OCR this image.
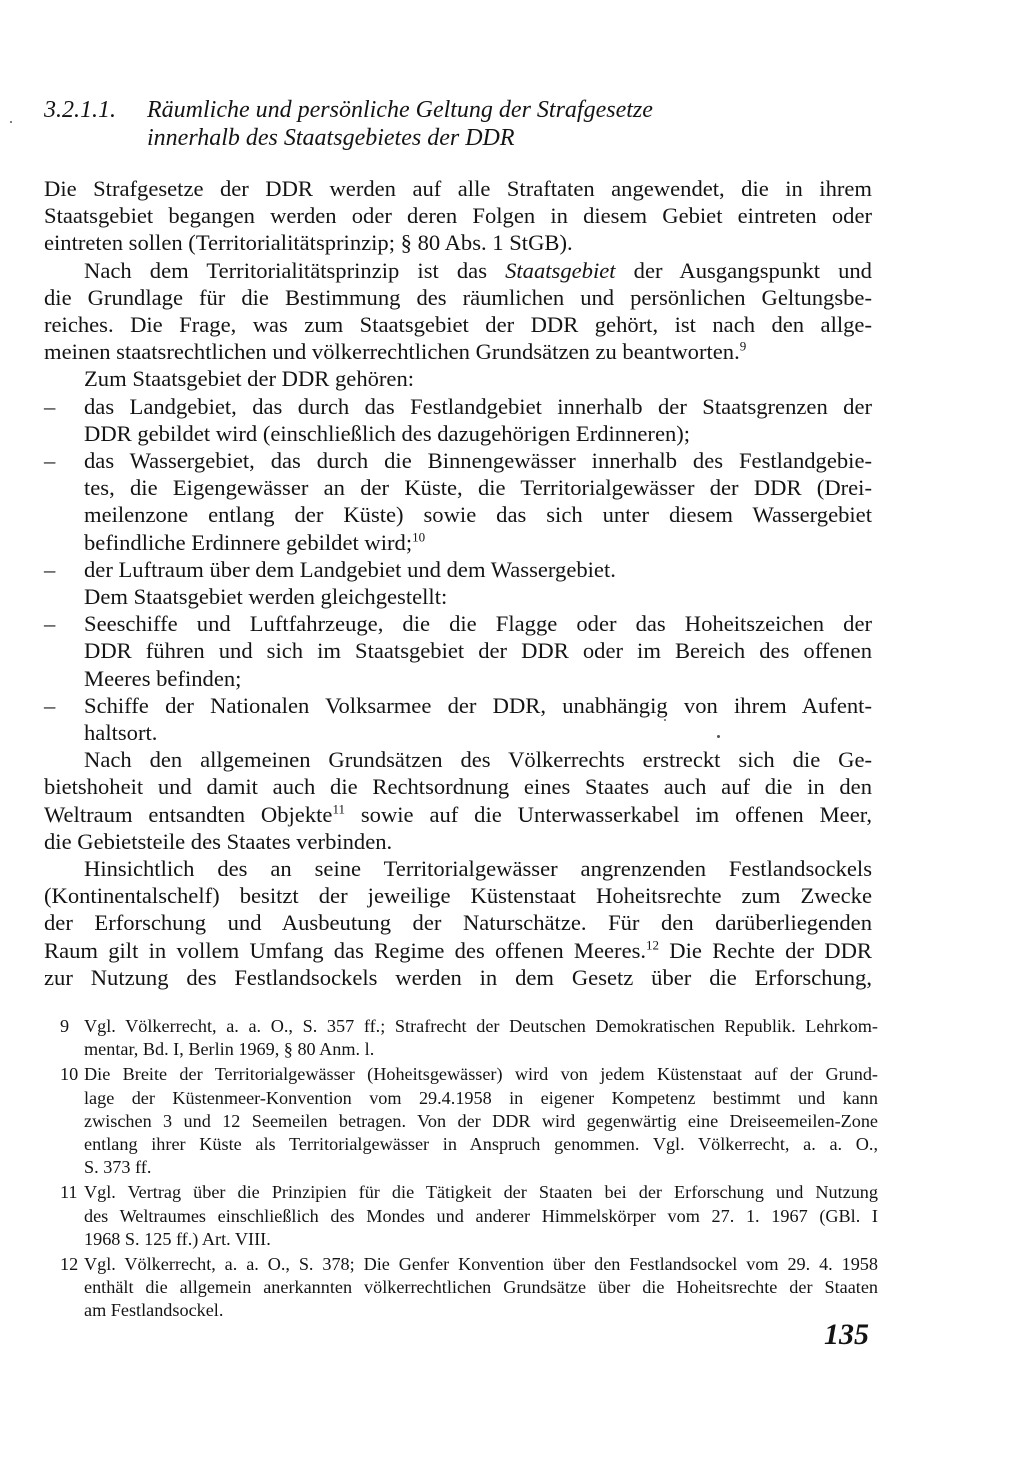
3.2.1.1. Räumliche und persönliche Geltung der Strafgesetze
innerhalb des Staatsgebietes der DDR
Die Strafgesetze der DDR werden auf alle Straftaten angewendet, die in ihrem
Staatsgebiet begangen werden oder deren Folgen in diesem Gebiet eintreten oder
eintreten sollen (Territorialitätsprinzip; § 80 Abs. 1 StGB).
Nach dem Territorialitätsprinzip ist das Staatsgebiet der Ausgangspunkt und
die Grundlage für die Bestimmung des räumlichen und persönlichen Geltungsbe-
reiches. Die Frage, was zum Staatsgebiet der DDR gehört, ist nach den allge-
meinen staatsrechtlichen und völkerrechtlichen Grundsätzen zu beantworten.$^9$
Zum Staatsgebiet der DDR gehören:
–	das Landgebiet, das durch das Festlandgebiet innerhalb der Staatsgrenzen der
DDR gebildet wird (einschließlich des dazugehörigen Erdinneren);
–	das Wassergebiet, das durch die Binnengewässer innerhalb des Festlandgebie-
tes, die Eigengewässer an der Küste, die Territorialgewässer der DDR (Drei-
meilenzone entlang der Küste) sowie das sich unter diesem Wassergebiet
befindliche Erdinnere gebildet wird;$^{10}$
–	der Luftraum über dem Landgebiet und dem Wassergebiet.
Dem Staatsgebiet werden gleichgestellt:
–	Seeschiffe und Luftfahrzeuge, die die Flagge oder das Hoheitszeichen der
DDR führen und sich im Staatsgebiet der DDR oder im Bereich des offenen
Meeres befinden;
–	Schiffe der Nationalen Volksarmee der DDR, unabhängig von ihrem Aufent-
haltsort.
Nach den allgemeinen Grundsätzen des Völkerrechts erstreckt sich die Ge-
bietshoheit und damit auch die Rechtsordnung eines Staates auch auf die in den
Weltraum entsandten Objekte$^{11}$ sowie auf die Unterwasserkabel im offenen Meer,
die Gebietsteile des Staates verbinden.
Hinsichtlich des an seine Territorialgewässer angrenzenden Festlandsockels
(Kontinentalschelf) besitzt der jeweilige Küstenstaat Hoheitsrechte zum Zwecke
der Erforschung und Ausbeutung der Naturschätze. Für den darüberliegenden
Raum gilt in vollem Umfang das Regime des offenen Meeres.$^{12}$ Die Rechte der DDR
zur Nutzung des Festlandsockels werden in dem Gesetz über die Erforschung,
9 Vgl. Völkerrecht, a. a. O., S. 357 ff.; Strafrecht der Deutschen Demokratischen Republik. Lehrkom-
mentar, Bd. I, Berlin 1969, § 80 Anm. l.
10 Die Breite der Territorialgewässer (Hoheitsgewässer) wird von jedem Küstenstaat auf der Grund-
lage der Küstenmeer-Konvention vom 29.4.1958 in eigener Kompetenz bestimmt und kann
zwischen 3 und 12 Seemeilen betragen. Von der DDR wird gegenwärtig eine Dreiseemeilen-Zone
entlang ihrer Küste als Territorialgewässer in Anspruch genommen. Vgl. Völkerrecht, a. a. O.,
S. 373 ff.
11 Vgl. Vertrag über die Prinzipien für die Tätigkeit der Staaten bei der Erforschung und Nutzung
des Weltraumes einschließlich des Mondes und anderer Himmelskörper vom 27. 1. 1967 (GBl. I
1968 S. 125 ff.) Art. VIII.
12 Vgl. Völkerrecht, a. a. O., S. 378; Die Genfer Konvention über den Festlandsockel vom 29. 4. 1958
enthält die allgemein anerkannten völkerrechtlichen Grundsätze über die Hoheitsrechte der Staaten
am Festlandsockel.
135
